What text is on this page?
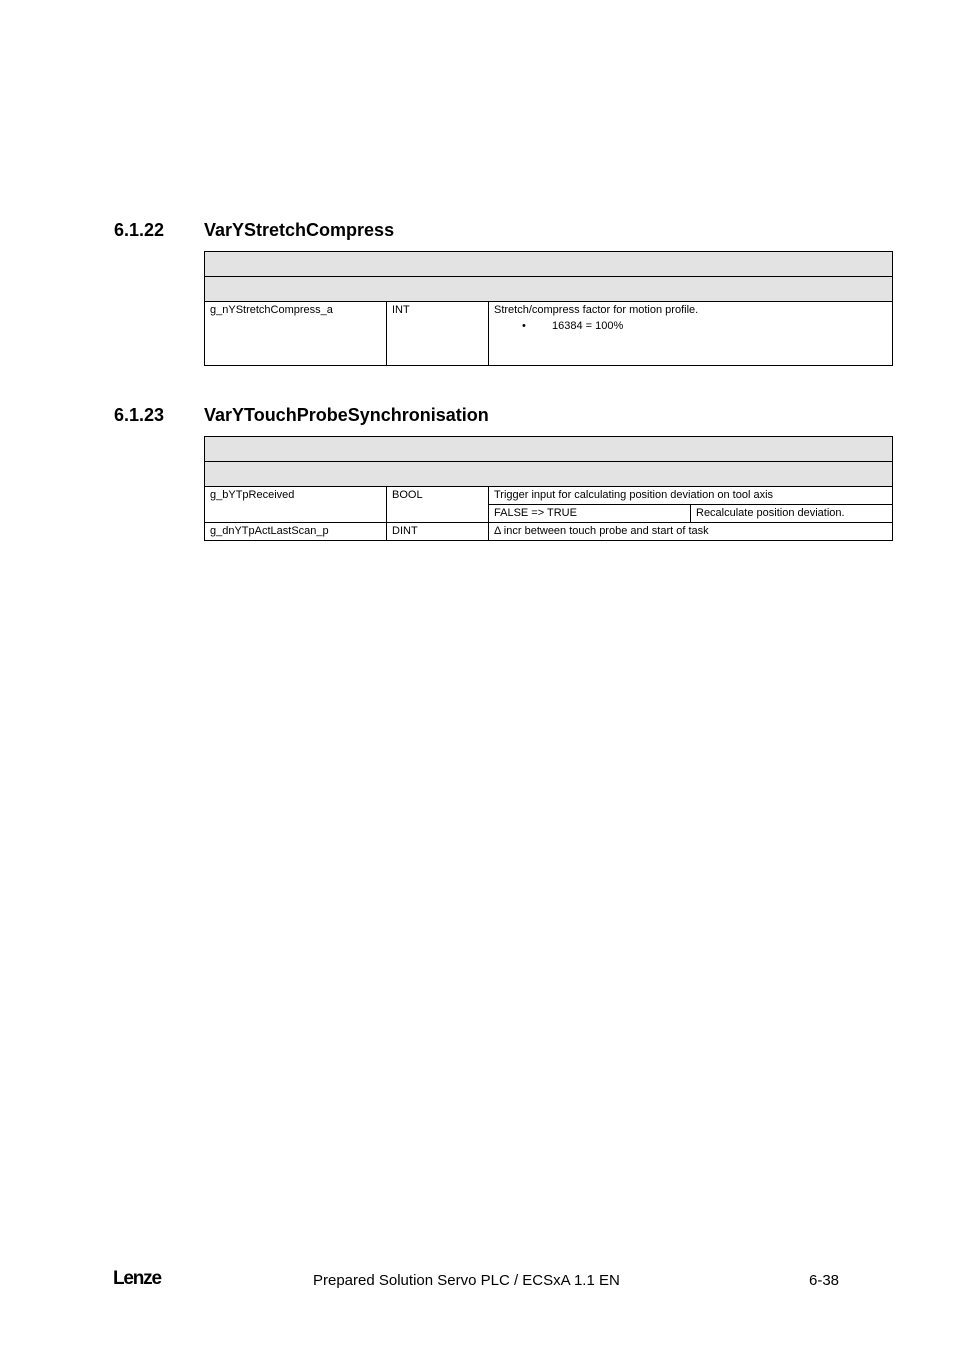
6.1.22 VarYStretchCompress

g_nYStretchCompress_a	INT	Stretch/compress factor for motion profile.
• 16384 = 100%
6.1.23 VarYTouchProbeSynchronisation

g_bYTpReceived	BOOL	Trigger input for calculating position deviation on tool axis	
		FALSE => TRUE	Recalculate position deviation.
g_dnYTpActLastScan_p	DINT	Δ incr between touch probe and start of task	
Lenze	Prepared Solution Servo PLC / ECSxA 1.1 EN	6-38
